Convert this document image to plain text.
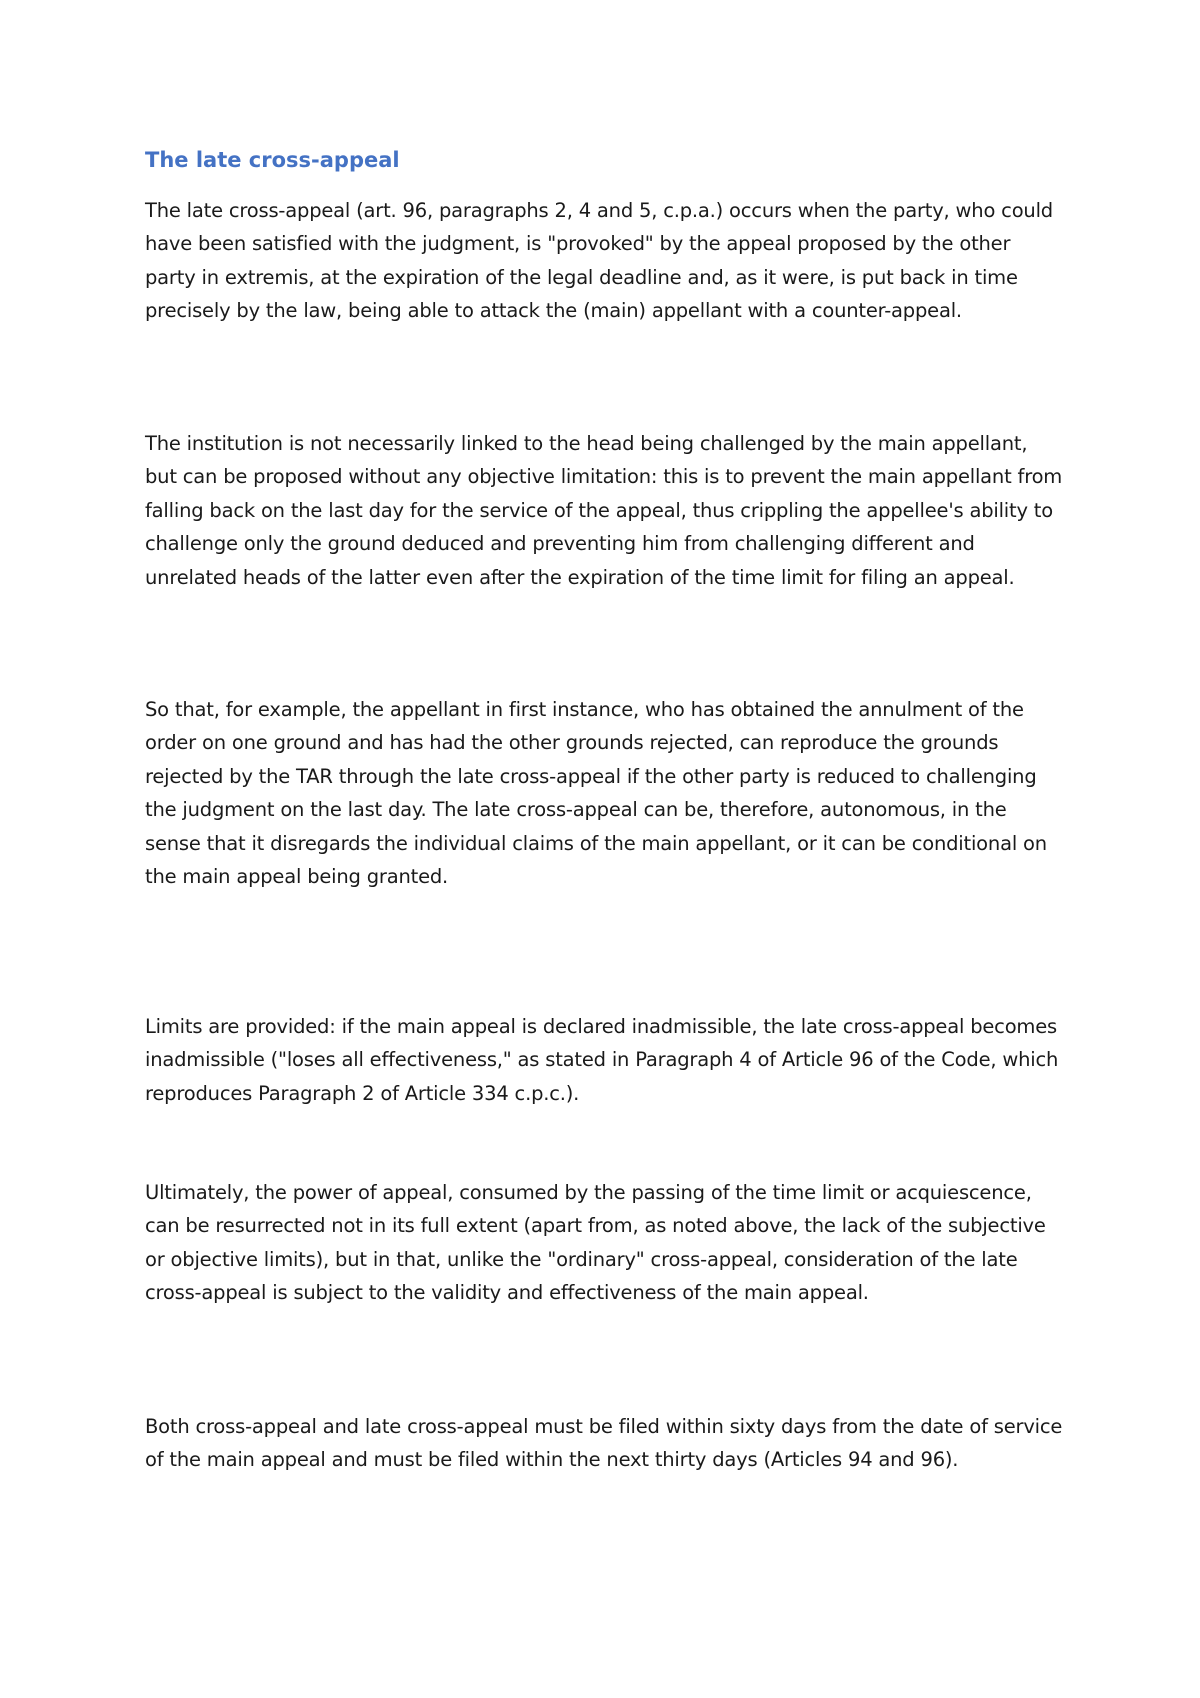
The late cross-appeal

The late cross-appeal (art. 96, paragraphs 2, 4 and 5, c.p.a.) occurs when the party, who could have been satisfied with the judgment, is "provoked" by the appeal proposed by the other party in extremis, at the expiration of the legal deadline and, as it were, is put back in time precisely by the law, being able to attack the (main) appellant with a counter-appeal.

The institution is not necessarily linked to the head being challenged by the main appellant, but can be proposed without any objective limitation: this is to prevent the main appellant from falling back on the last day for the service of the appeal, thus crippling the appellee's ability to challenge only the ground deduced and preventing him from challenging different and unrelated heads of the latter even after the expiration of the time limit for filing an appeal.

So that, for example, the appellant in first instance, who has obtained the annulment of the order on one ground and has had the other grounds rejected, can reproduce the grounds rejected by the TAR through the late cross-appeal if the other party is reduced to challenging the judgment on the last day. The late cross-appeal can be, therefore, autonomous, in the sense that it disregards the individual claims of the main appellant, or it can be conditional on the main appeal being granted.

Limits are provided: if the main appeal is declared inadmissible, the late cross-appeal becomes inadmissible ("loses all effectiveness," as stated in Paragraph 4 of Article 96 of the Code, which reproduces Paragraph 2 of Article 334 c.p.c.).

Ultimately, the power of appeal, consumed by the passing of the time limit or acquiescence, can be resurrected not in its full extent (apart from, as noted above, the lack of the subjective or objective limits), but in that, unlike the "ordinary" cross-appeal, consideration of the late cross-appeal is subject to the validity and effectiveness of the main appeal.

Both cross-appeal and late cross-appeal must be filed within sixty days from the date of service of the main appeal and must be filed within the next thirty days (Articles 94 and 96).
